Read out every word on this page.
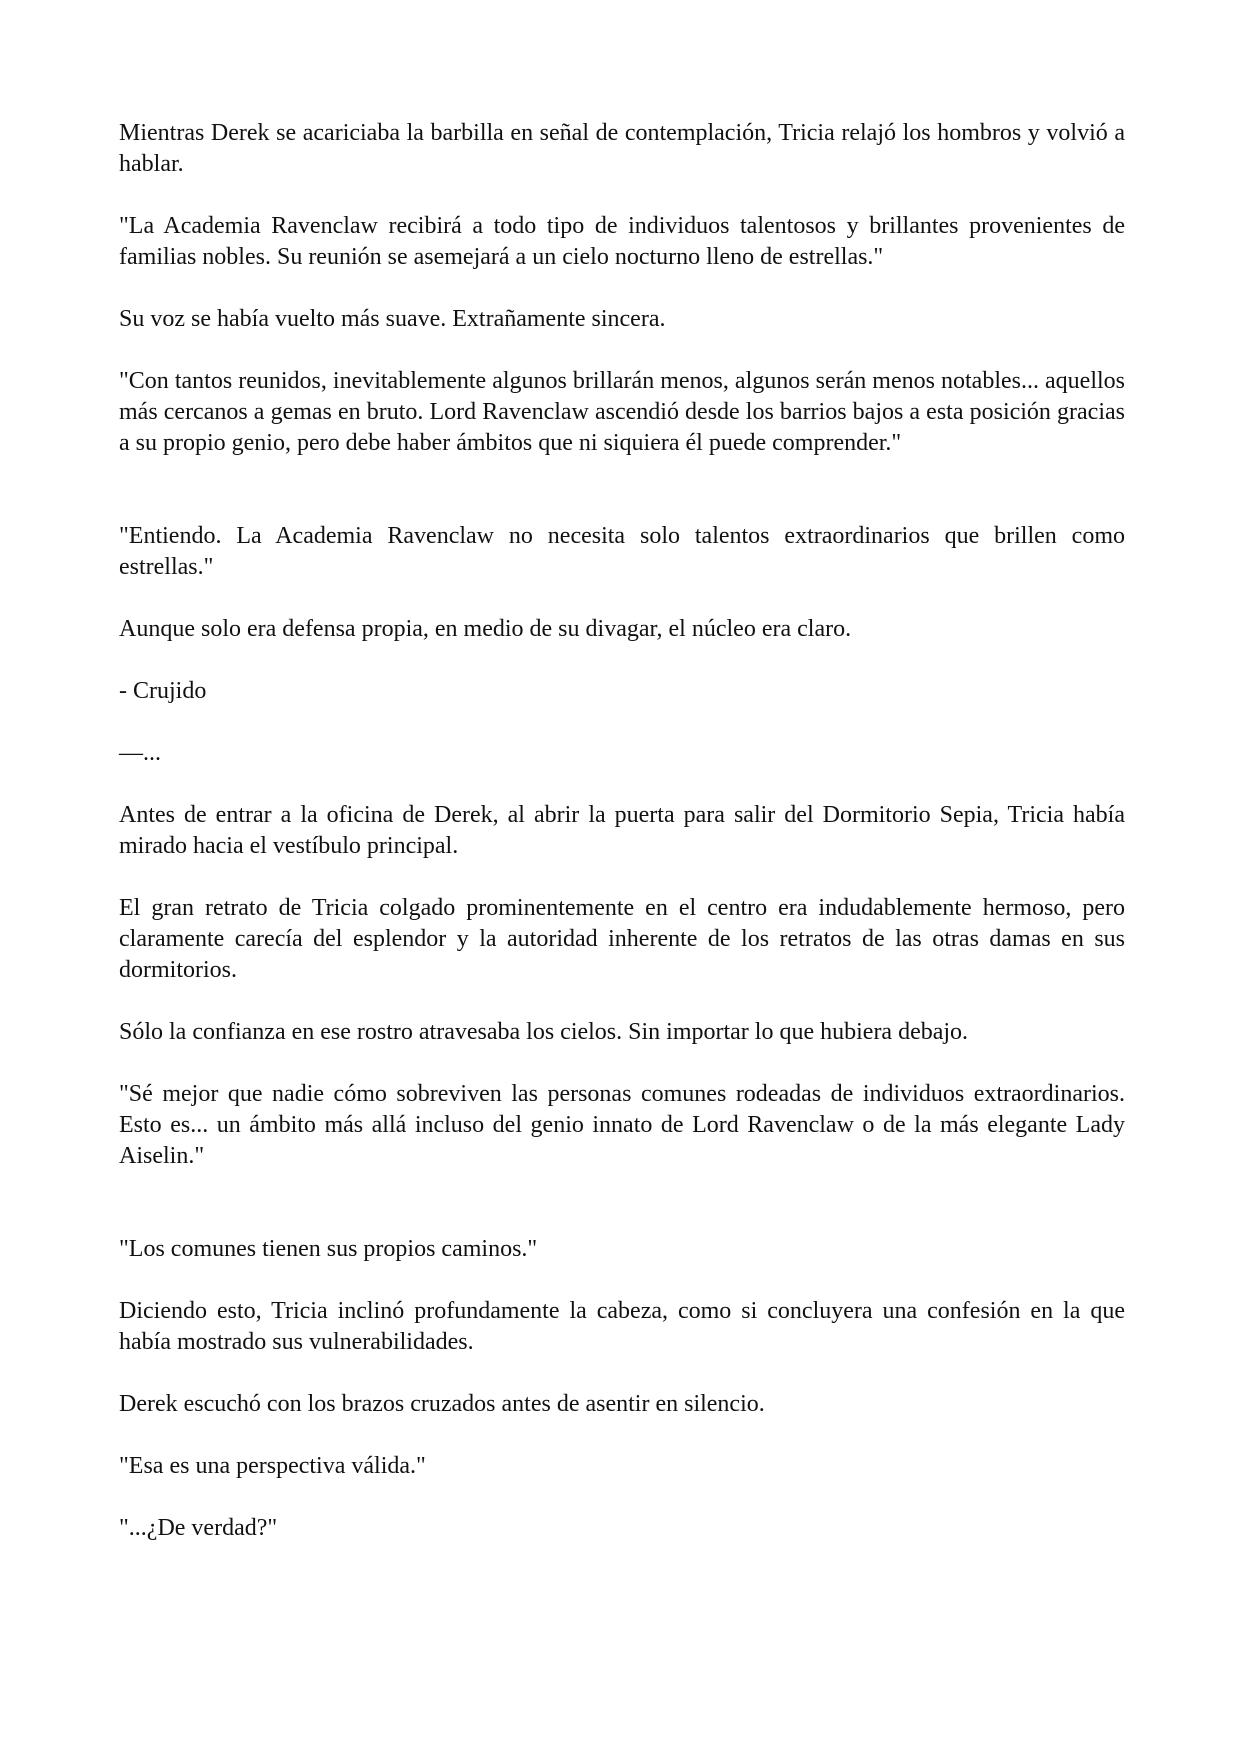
Mientras Derek se acariciaba la barbilla en señal de contemplación, Tricia relajó los hombros y volvió a hablar.

"La Academia Ravenclaw recibirá a todo tipo de individuos talentosos y brillantes provenientes de familias nobles. Su reunión se asemejará a un cielo nocturno lleno de estrellas."

Su voz se había vuelto más suave. Extrañamente sincera.

"Con tantos reunidos, inevitablemente algunos brillarán menos, algunos serán menos notables... aquellos más cercanos a gemas en bruto. Lord Ravenclaw ascendió desde los barrios bajos a esta posición gracias a su propio genio, pero debe haber ámbitos que ni siquiera él puede comprender."

"Entiendo. La Academia Ravenclaw no necesita solo talentos extraordinarios que brillen como estrellas."

Aunque solo era defensa propia, en medio de su divagar, el núcleo era claro.

- Crujido

—...

Antes de entrar a la oficina de Derek, al abrir la puerta para salir del Dormitorio Sepia, Tricia había mirado hacia el vestíbulo principal.

El gran retrato de Tricia colgado prominentemente en el centro era indudablemente hermoso, pero claramente carecía del esplendor y la autoridad inherente de los retratos de las otras damas en sus dormitorios.

Sólo la confianza en ese rostro atravesaba los cielos. Sin importar lo que hubiera debajo.

"Sé mejor que nadie cómo sobreviven las personas comunes rodeadas de individuos extraordinarios. Esto es... un ámbito más allá incluso del genio innato de Lord Ravenclaw o de la más elegante Lady Aiselin."

"Los comunes tienen sus propios caminos."

Diciendo esto, Tricia inclinó profundamente la cabeza, como si concluyera una confesión en la que había mostrado sus vulnerabilidades.

Derek escuchó con los brazos cruzados antes de asentir en silencio.

"Esa es una perspectiva válida."

"...¿De verdad?"
